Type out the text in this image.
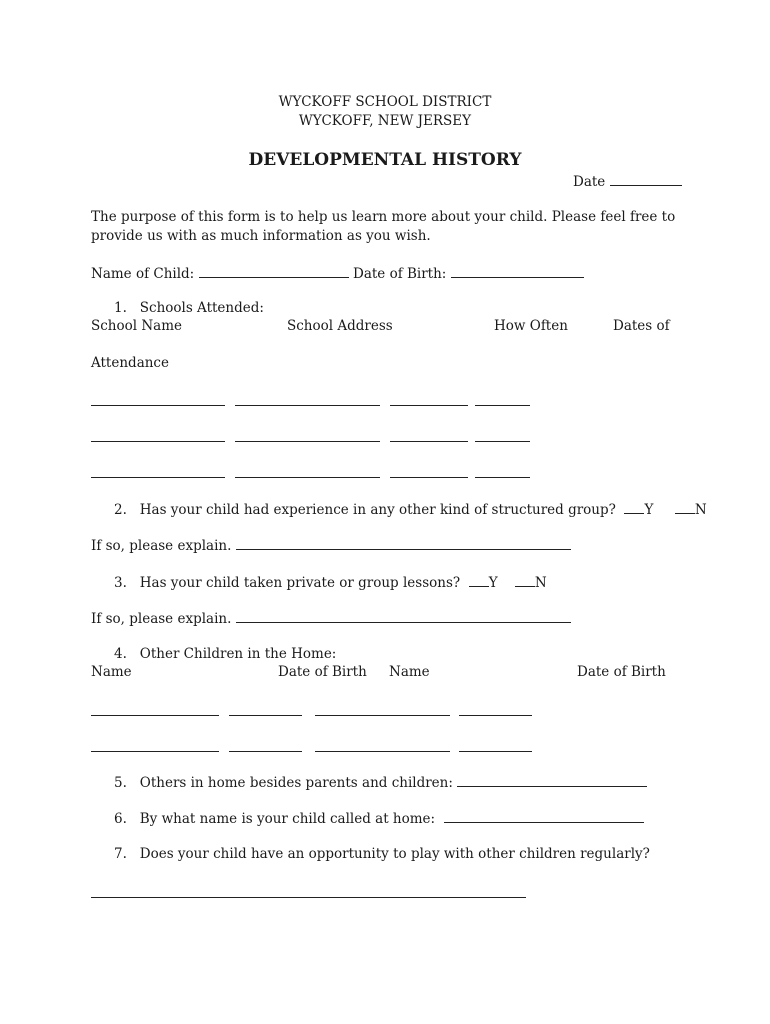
WYCKOFF SCHOOL DISTRICT
WYCKOFF, NEW JERSEY
DEVELOPMENTAL HISTORY
Date
The purpose of this form is to help us learn more about your child. Please feel free to
provide us with as much information as you wish.
Name of Child:	Date of Birth:
1. Schools Attended:
School Name	School Address	How Often	Dates of
Attendance
2. Has your child had experience in any other kind of structured group? Y	N
If so, please explain.
3. Has your child taken private or group lessons? Y	N
If so, please explain.
4. Other Children in the Home:
Name	Date of Birth Name	Date of Birth
5. Others in home besides parents and children:
6. By what name is your child called at home:
7. Does your child have an opportunity to play with other children regularly?
